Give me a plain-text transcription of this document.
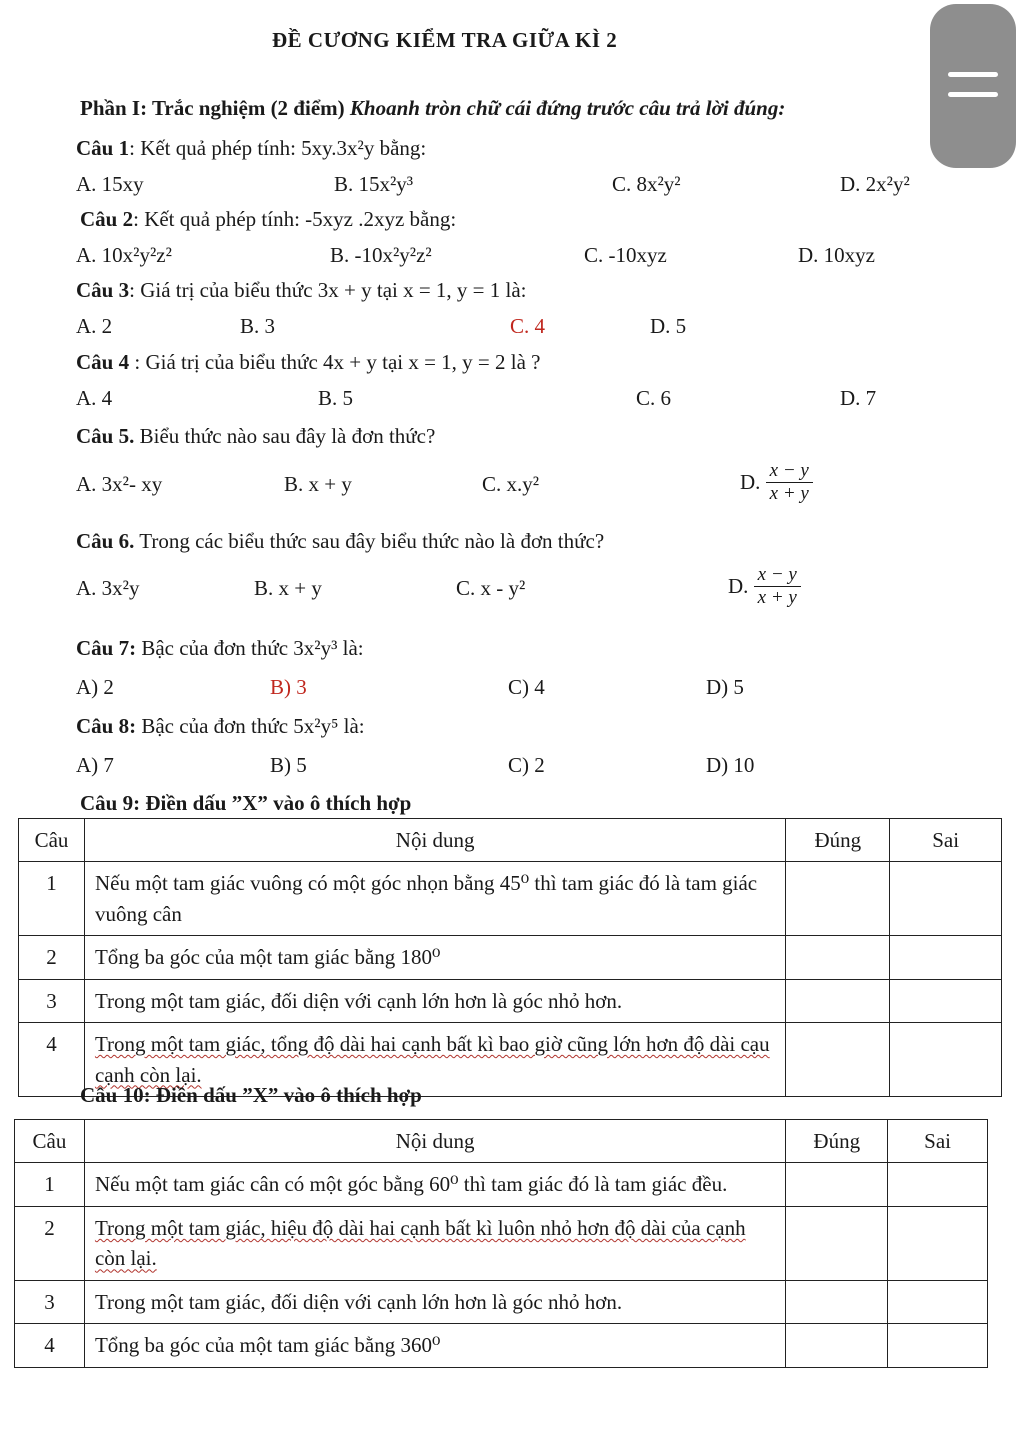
ĐỀ CƯƠNG KIỂM TRA GIỮA KÌ 2
Phần I: Trắc nghiệm (2 điểm) Khoanh tròn chữ cái đứng trước câu trả lời đúng:
Câu 1: Kết quả phép tính: 5xy.3x²y bằng:
A. 15xy	B. 15x²y³	C. 8x²y²	D. 2x²y²
Câu 2: Kết quả phép tính: -5xyz .2xyz bằng:
A. 10x²y²z²	B. -10x²y²z²	C. -10xyz	D. 10xyz
Câu 3: Giá trị của biểu thức 3x + y tại x = 1, y = 1 là:
A. 2	B. 3	C. 4	D. 5
Câu 4 : Giá trị của biểu thức 4x + y tại x = 1, y = 2 là ?
A. 4	B. 5	C. 6	D. 7
Câu 5. Biểu thức nào sau đây là đơn thức?
A. 3x²- xy	B. x + y	C. x.y²	D. $\frac{x - y}{x + y}$
Câu 6. Trong các biểu thức sau đây biểu thức nào là đơn thức?
A. 3x²y	B. x + y	C. x - y²	D. $\frac{x - y}{x + y}$
Câu 7: Bậc của đơn thức 3x²y³ là:
A) 2	B) 3	C) 4	D) 5
Câu 8: Bậc của đơn thức 5x²y⁵ là:
A) 7	B) 5	C) 2	D) 10
Câu 9: Điền dấu ”X” vào ô thích hợp
Câu	Nội dung	Đúng	Sai
1	Nếu một tam giác vuông có một góc nhọn bằng 45⁰ thì tam giác đó là tam giác vuông cân		
2	Tổng ba góc của một tam giác bằng 180⁰		
3	Trong một tam giác, đối diện với cạnh lớn hơn là góc nhỏ hơn.		
4	Trong một tam giác, tổng độ dài hai cạnh bất kì bao giờ cũng lớn hơn độ dài cạu cạnh còn lại.		
Câu 10: Điền dấu ”X” vào ô thích hợp
Câu	Nội dung	Đúng	Sai
1	Nếu một tam giác cân có một góc bằng 60⁰ thì tam giác đó là tam giác đều.		
2	Trong một tam giác, hiệu độ dài hai cạnh bất kì luôn nhỏ hơn độ dài của cạnh còn lại.		
3	Trong một tam giác, đối diện với cạnh lớn hơn là góc nhỏ hơn.		
4	Tổng ba góc của một tam giác bằng 360⁰		
